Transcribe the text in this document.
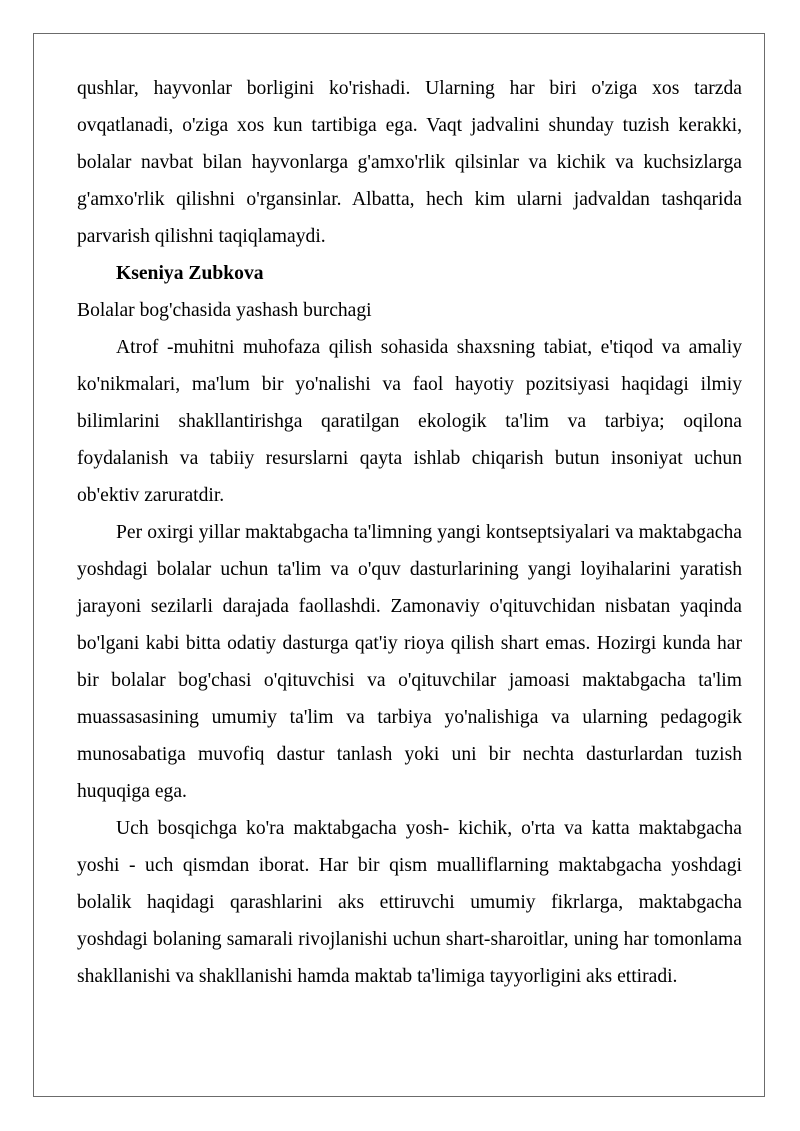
qushlar, hayvonlar borligini ko'rishadi. Ularning har biri o'ziga xos tarzda ovqatlanadi, o'ziga xos kun tartibiga ega. Vaqt jadvalini shunday tuzish kerakki, bolalar navbat bilan hayvonlarga g'amxo'rlik qilsinlar va kichik va kuchsizlarga g'amxo'rlik qilishni o'rgansinlar. Albatta, hech kim ularni jadvaldan tashqarida parvarish qilishni taqiqlamaydi.

Kseniya Zubkova

Bolalar bog'chasida yashash burchagi

Atrof -muhitni muhofaza qilish sohasida shaxsning tabiat, e'tiqod va amaliy ko'nikmalari, ma'lum bir yo'nalishi va faol hayotiy pozitsiyasi haqidagi ilmiy bilimlarini shakllantirishga qaratilgan ekologik ta'lim va tarbiya; oqilona foydalanish va tabiiy resurslarni qayta ishlab chiqarish butun insoniyat uchun ob'ektiv zaruratdir.

Per oxirgi yillar maktabgacha ta'limning yangi kontseptsiyalari va maktabgacha yoshdagi bolalar uchun ta'lim va o'quv dasturlarining yangi loyihalarini yaratish jarayoni sezilarli darajada faollashdi. Zamonaviy o'qituvchidan nisbatan yaqinda bo'lgani kabi bitta odatiy dasturga qat'iy rioya qilish shart emas. Hozirgi kunda har bir bolalar bog'chasi o'qituvchisi va o'qituvchilar jamoasi maktabgacha ta'lim muassasasining umumiy ta'lim va tarbiya yo'nalishiga va ularning pedagogik munosabatiga muvofiq dastur tanlash yoki uni bir nechta dasturlardan tuzish huquqiga ega.

Uch bosqichga ko'ra maktabgacha yosh- kichik, o'rta va katta maktabgacha yoshi - uch qismdan iborat. Har bir qism mualliflarning maktabgacha yoshdagi bolalik haqidagi qarashlarini aks ettiruvchi umumiy fikrlarga, maktabgacha yoshdagi bolaning samarali rivojlanishi uchun shart-sharoitlar, uning har tomonlama shakllanishi va shakllanishi hamda maktab ta'limiga tayyorligini aks ettiradi.
